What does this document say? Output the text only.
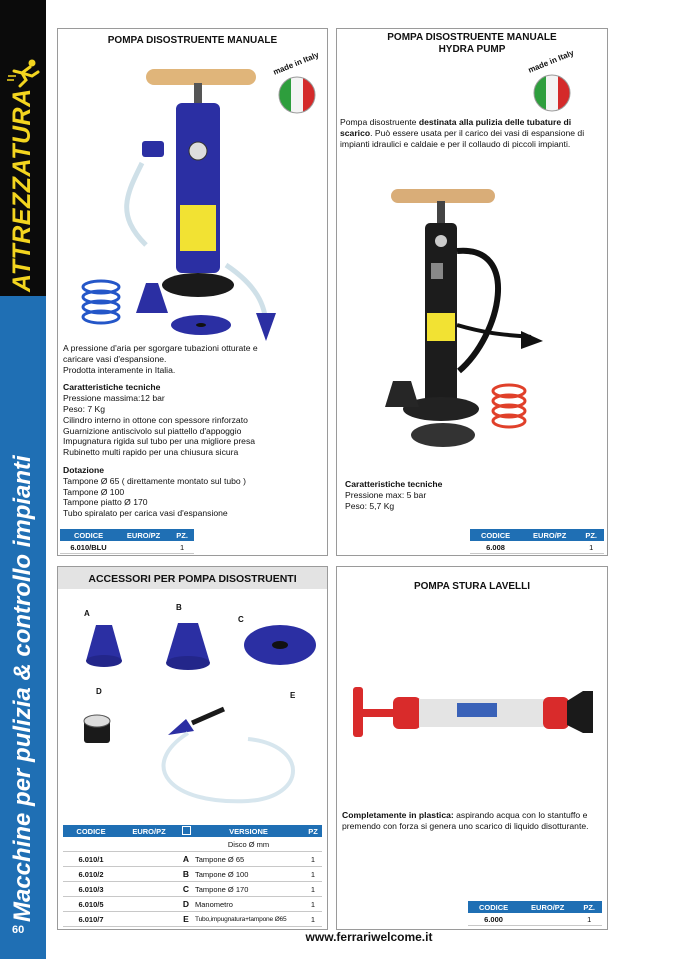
ATTREZZATURA
Macchine per pulizia & controllo impianti
60
POMPA DISOSTRUENTE MANUALE
made in Italy
A pressione d'aria per sgorgare tubazioni otturate e
caricare vasi d'espansione.
Prodotta interamente in Italia.
Caratteristiche tecniche
Pressione massima:12 bar
Peso: 7 Kg
Cilindro interno in ottone con spessore rinforzato
Guarnizione antiscivolo sul piattello d'appoggio
Impugnatura rigida sul tubo per una migliore presa
Rubinetto multi rapido per una chiusura sicura
Dotazione
Tampone Ø 65 ( direttamente montato sul tubo )
Tampone Ø 100
Tampone piatto Ø 170
Tubo spiralato per carica vasi d'espansione
CODICE	EURO/PZ	PZ.
6.010/BLU		1
POMPA DISOSTRUENTE MANUALE
HYDRA PUMP	made in Italy
Pompa disostruente destinata alla pulizia delle tubature di scarico. Può essere usata per il carico dei vasi di espansione di impianti idraulici e caldaie e per il collaudo di piccoli impianti.
Caratteristiche tecniche
Pressione max: 5 bar
Peso: 5,7 Kg
CODICE	EURO/PZ	PZ.
6.008		1
ACCESSORI PER POMPA DISOSTRUENTI
A
B
C
D	E
CODICE	EURO/PZ		VERSIONE	PZ
			Disco Ø mm	
6.010/1		A	Tampone Ø 65	1
6.010/2		B	Tampone Ø 100	1
6.010/3		C	Tampone Ø 170	1
6.010/5		D	Manometro	1
6.010/7		E	Tubo,impugnatura+tampone Ø65	1
POMPA STURA LAVELLI
Completamente in plastica: aspirando acqua con lo stantuffo e premendo con forza si genera uno scarico di liquido disotturante.
CODICE	EURO/PZ	PZ.
6.000		1
www.ferrariwelcome.it
